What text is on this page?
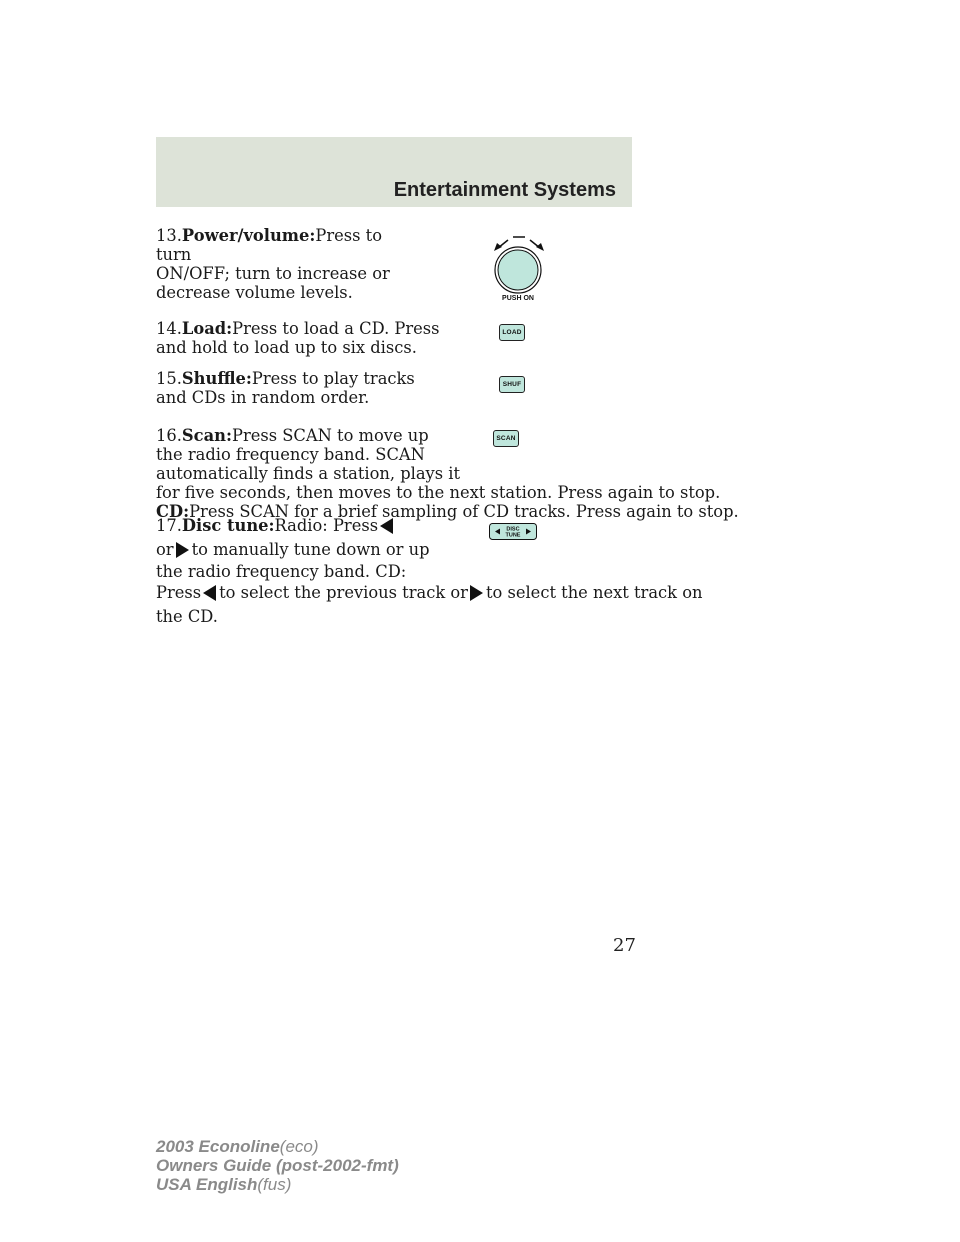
Entertainment Systems

13.Power/volume:Press to turn

ON/OFF; turn to increase or

decrease volume levels.	PUSH ON

14.Load:Press to load a CD. Press

and hold to load up to six discs.

LOAD

15.Shuffle:Press to play tracks

and CDs in random order.

SHUF

16.Scan:Press SCAN to move up

the radio frequency band. SCAN

automatically finds a station, plays it

for five seconds, then moves to the next station. Press again to stop.

CD:Press SCAN for a brief sampling of CD tracks. Press again to stop.

SCAN

17.Disc tune:Radio: Press

or to manually tune down or up

the radio frequency band. CD:

Press to select the previous track or to select the next track on

the CD.

DISC
TUNE
27
2003 Econoline(eco)
Owners Guide (post-2002-fmt)
USA English(fus)
